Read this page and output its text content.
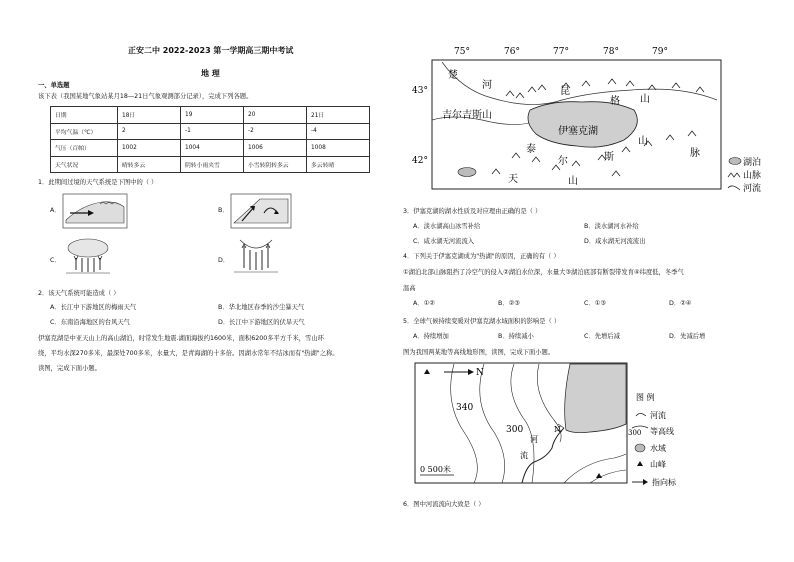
正安二中 2022-2023 第一学期高三期中考试
地 理
一、单选题
该下表（我国某地气象站某月18—21日气象观测部分记录），完成下列各题。
日期	18日	19	20	21日
平均气温（℃）	2	-1	-2	-4
气压（百帕）	1002	1004	1006	1008
天气状况	晴转多云	阴转小雨夹雪	小雪转阴转多云	多云转晴
1．此期间过境的天气系统是下图中的（ ）
A．	B．
C．	D．
2．该天气系统可能造成（ ）
A．长江中下游地区的梅雨天气	B．华北地区春季的沙尘暴天气
C．东南沿海地区的台风天气	D．长江中下游地区的伏旱天气
伊塞克湖是中亚天山上的高山湖泊，时常发生地震.湖面海拔约1600米，面积6200多平方千米，雪山环
绕，平均水深270多米，最深处700多米，水量大，是青海湖的十多倍。因湖水常年不结冰而有"热湖"之称。
读图，完成下面小题。
75°	76°	77°	78°	79°
43°
42°
楚
河
吉尔吉斯山
昆
格 山
伊塞克湖
泰
尔	斯
山
脉
天	山
湖泊
山脉
河流
3．伊塞克湖的湖水性质及对应理由正确的是（ ）
A．淡水湖高山冰雪补给	B．淡水湖河水补给
C．咸水湖无河流流入	D．咸水湖无河流流出
4．下列关于伊塞克湖成为"热湖"的原因，正确的有（ ）
①湖泊北部山脉阻挡了冷空气的侵入②湖泊水位深，水量大③湖泊底部有断裂带发育④纬度低，冬季气
温高
A．①②	B．②③	C．①③	D．②④
5．全球气候持续变暖对伊塞克湖水域面积的影响是（ ）
A．持续增加	B．持续减小	C．先增后减	D．先减后增
图为我国两某地等高线地形图，读图，完成下面小题。
N
340
300
河
流
N
0 500米
图 例
河流
300 等高线
水域
山峰
指向标
6．图中河流流向大致是（ ）
